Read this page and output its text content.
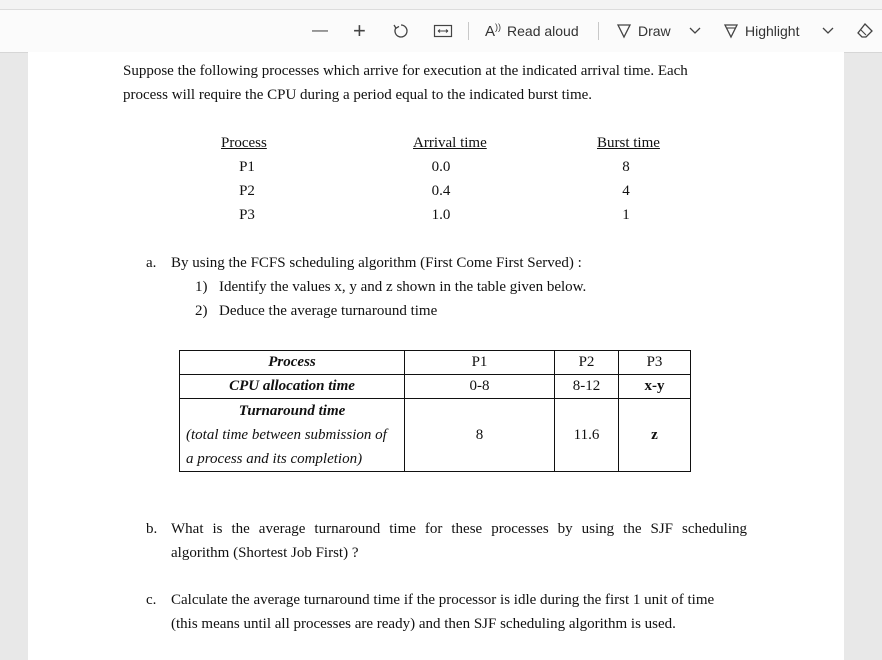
— +	A)) Read aloud	Draw	Highlight
Suppose the following processes which arrive for execution at the indicated arrival time. Each
process will require the CPU during a period equal to the indicated burst time.
Process	Arrival time	Burst time
P1	0.0	8
P2	0.4	4
P3	1.0	1
a. By using the FCFS scheduling algorithm (First Come First Served) :
1) Identify the values x, y and z shown in the table given below.
2) Deduce the average turnaround time
Process	P1	P2	P3
CPU allocation time	0-8	8-12	x-y

Turnaround time
(total time between submission of
a process and its completion)	8	11.6	z
b. What is the average turnaround time for these processes by using the SJF scheduling
algorithm (Shortest Job First) ?
c. Calculate the average turnaround time if the processor is idle during the first 1 unit of time
(this means until all processes are ready) and then SJF scheduling algorithm is used.
